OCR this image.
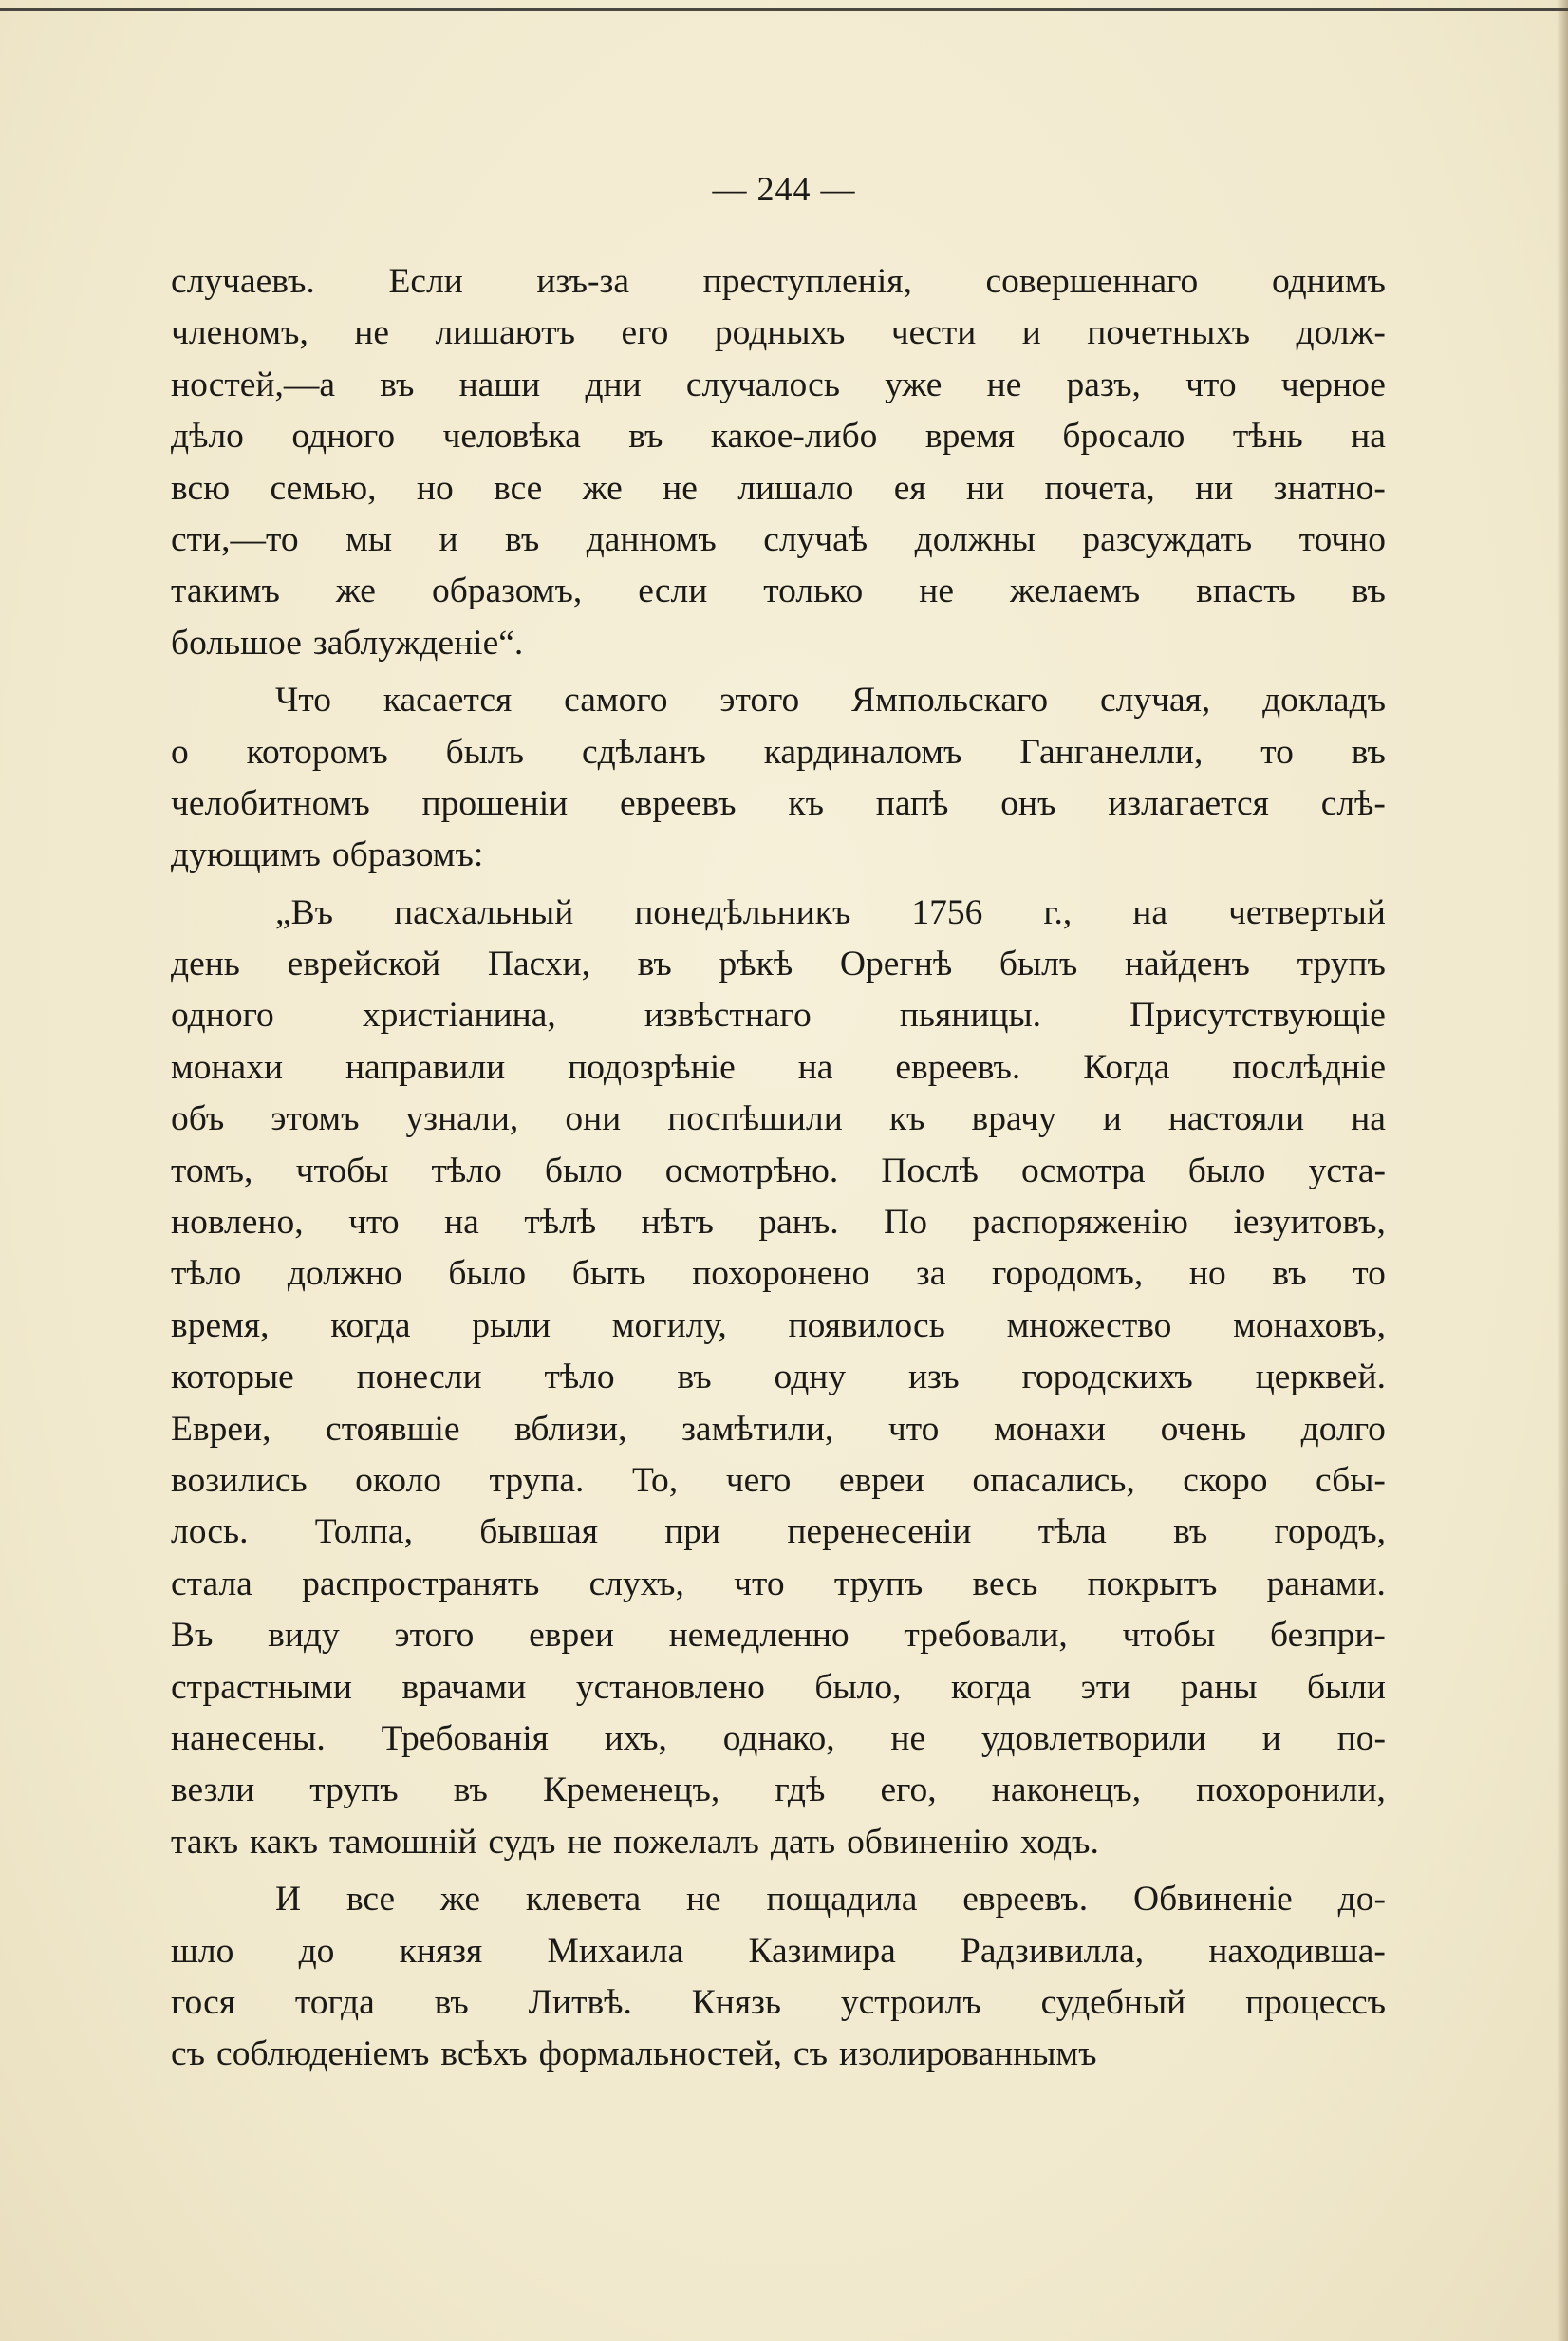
— 244 —
случаевъ. Если изъ-за преступленія, совершеннаго однимъ
членомъ, не лишаютъ его родныхъ чести и почетныхъ долж-
ностей,—а въ наши дни случалось уже не разъ, что черное
дѣло одного человѣка въ какое-либо время бросало тѣнь на
всю семью, но все же не лишало ея ни почета, ни знатно-
сти,—то мы и въ данномъ случаѣ должны разсуждать точно
такимъ же образомъ, если только не желаемъ впасть въ
большое заблужденіе“.
Что касается самого этого Ямпольскаго случая, докладъ
о которомъ былъ сдѣланъ кардиналомъ Ганганелли, то въ
челобитномъ прошеніи евреевъ къ папѣ онъ излагается слѣ-
дующимъ образомъ:
„Въ пасхальный понедѣльникъ 1756 г., на четвертый
день еврейской Пасхи, въ рѣкѣ Орегнѣ былъ найденъ трупъ
одного христіанина, извѣстнаго пьяницы. Присутствующіе
монахи направили подозрѣніе на евреевъ. Когда послѣдніе
объ этомъ узнали, они поспѣшили къ врачу и настояли на
томъ, чтобы тѣло было осмотрѣно. Послѣ осмотра было уста-
новлено, что на тѣлѣ нѣтъ ранъ. По распоряженію іезуитовъ,
тѣло должно было быть похоронено за городомъ, но въ то
время, когда рыли могилу, появилось множество монаховъ,
которые понесли тѣло въ одну изъ городскихъ церквей.
Евреи, стоявшіе вблизи, замѣтили, что монахи очень долго
возились около трупа. То, чего евреи опасались, скоро сбы-
лось. Толпа, бывшая при перенесеніи тѣла въ городъ,
стала распространять слухъ, что трупъ весь покрытъ ранами.
Въ виду этого евреи немедленно требовали, чтобы безпри-
страстными врачами установлено было, когда эти раны были
нанесены. Требованія ихъ, однако, не удовлетворили и по-
везли трупъ въ Кременецъ, гдѣ его, наконецъ, похоронили,
такъ какъ тамошній судъ не пожелалъ дать обвиненію ходъ.
И все же клевета не пощадила евреевъ. Обвиненіе до-
шло до князя Михаила Казимира Радзивилла, находивша-
гося тогда въ Литвѣ. Князь устроилъ судебный процессъ
съ соблюденіемъ всѣхъ формальностей, съ изолированнымъ
